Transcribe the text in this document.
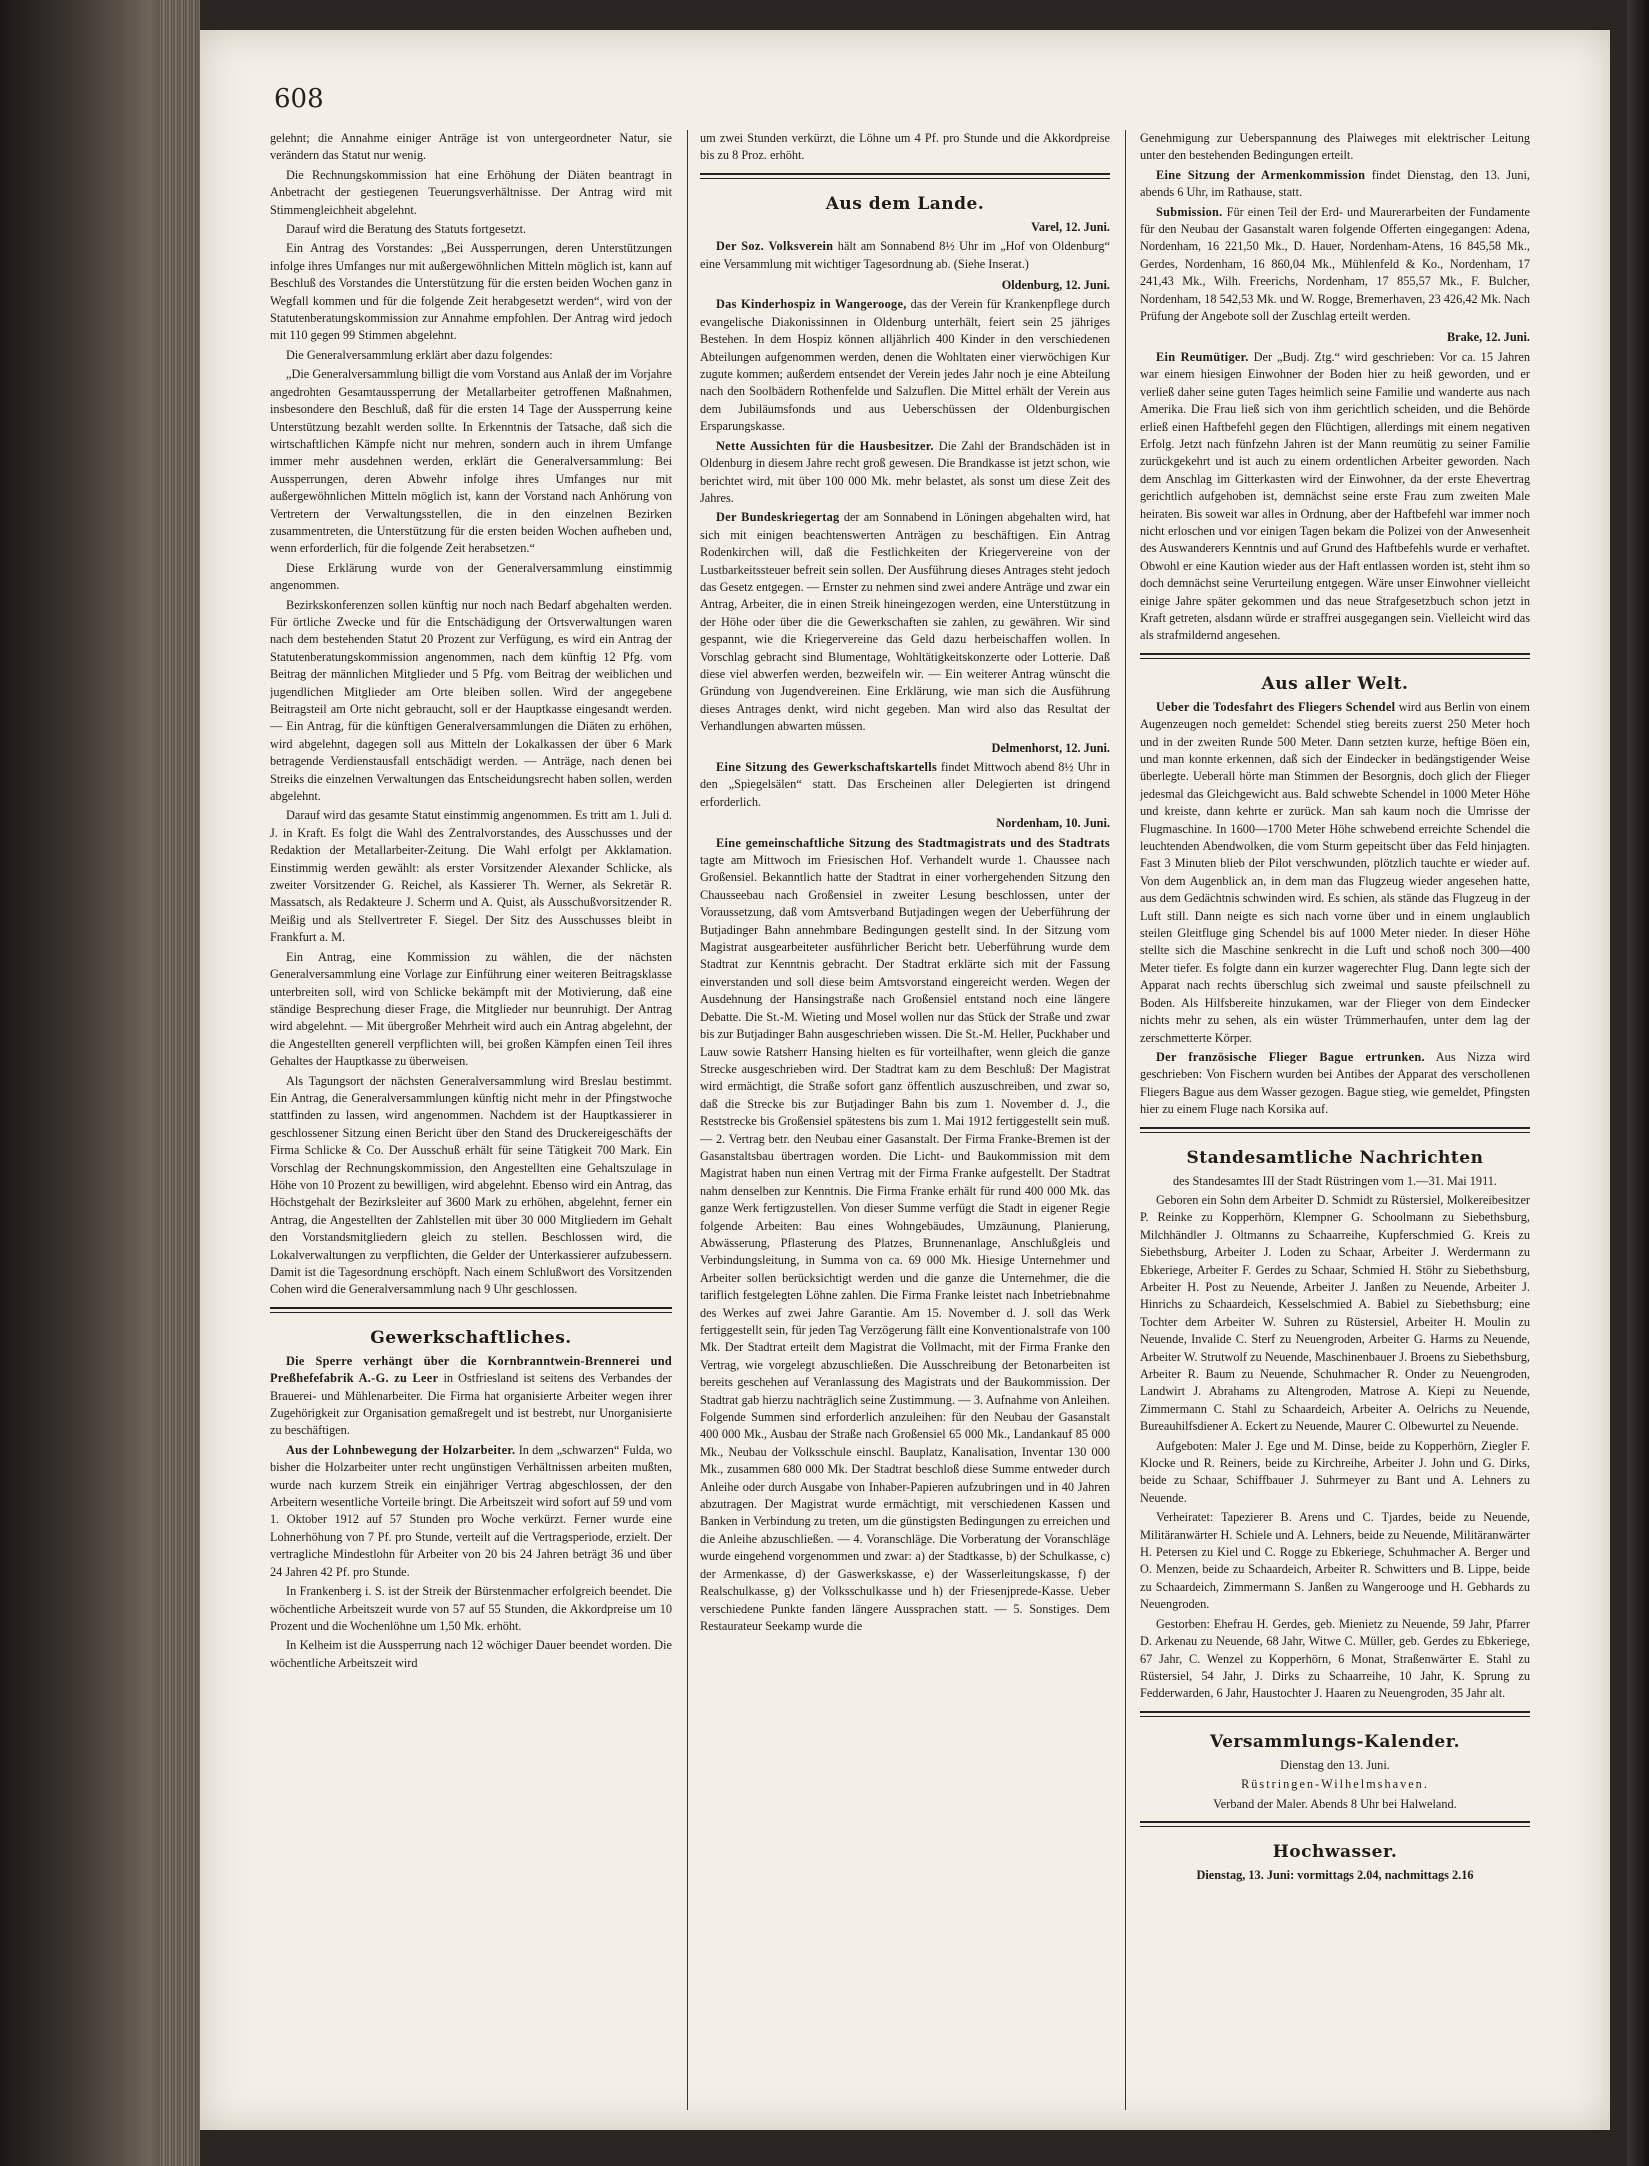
608

gelehnt; die Annahme einiger Anträge ist von untergeordneter Natur, sie verändern das Statut nur wenig.

Die Rechnungskommission hat eine Erhöhung der Diäten beantragt in Anbetracht der gestiegenen Teuerungsverhältnisse. Der Antrag wird mit Stimmengleichheit abgelehnt.

Darauf wird die Beratung des Statuts fortgesetzt.

Ein Antrag des Vorstandes: „Bei Aussperrungen, deren Unterstützungen infolge ihres Umfanges nur mit außergewöhnlichen Mitteln möglich ist, kann auf Beschluß des Vorstandes die Unterstützung für die ersten beiden Wochen ganz in Wegfall kommen und für die folgende Zeit herabgesetzt werden“, wird von der Statutenberatungskommission zur Annahme empfohlen. Der Antrag wird jedoch mit 110 gegen 99 Stimmen abgelehnt.

Die Generalversammlung erklärt aber dazu folgendes:

„Die Generalversammlung billigt die vom Vorstand aus Anlaß der im Vorjahre angedrohten Gesamtaussperrung der Metallarbeiter getroffenen Maßnahmen, insbesondere den Beschluß, daß für die ersten 14 Tage der Aussperrung keine Unterstützung bezahlt werden sollte. In Erkenntnis der Tatsache, daß sich die wirtschaftlichen Kämpfe nicht nur mehren, sondern auch in ihrem Umfange immer mehr ausdehnen werden, erklärt die Generalversammlung: Bei Aussperrungen, deren Abwehr infolge ihres Umfanges nur mit außergewöhnlichen Mitteln möglich ist, kann der Vorstand nach Anhörung von Vertretern der Verwaltungsstellen, die in den einzelnen Bezirken zusammentreten, die Unterstützung für die ersten beiden Wochen aufheben und, wenn erforderlich, für die folgende Zeit herabsetzen.“

Diese Erklärung wurde von der Generalversammlung einstimmig angenommen.

Bezirkskonferenzen sollen künftig nur noch nach Bedarf abgehalten werden. Für örtliche Zwecke und für die Entschädigung der Ortsverwaltungen waren nach dem bestehenden Statut 20 Prozent zur Verfügung, es wird ein Antrag der Statutenberatungskommission angenommen, nach dem künftig 12 Pfg. vom Beitrag der männlichen Mitglieder und 5 Pfg. vom Beitrag der weiblichen und jugendlichen Mitglieder am Orte bleiben sollen. Wird der angegebene Beitragsteil am Orte nicht gebraucht, soll er der Hauptkasse eingesandt werden. — Ein Antrag, für die künftigen Generalversammlungen die Diäten zu erhöhen, wird abgelehnt, dagegen soll aus Mitteln der Lokalkassen der über 6 Mark betragende Verdienstausfall entschädigt werden. — Anträge, nach denen bei Streiks die einzelnen Verwaltungen das Entscheidungsrecht haben sollen, werden abgelehnt.

Darauf wird das gesamte Statut einstimmig angenommen. Es tritt am 1. Juli d. J. in Kraft. Es folgt die Wahl des Zentralvorstandes, des Ausschusses und der Redaktion der Metallarbeiter-Zeitung. Die Wahl erfolgt per Akklamation. Einstimmig werden gewählt: als erster Vorsitzender Alexander Schlicke, als zweiter Vorsitzender G. Reichel, als Kassierer Th. Werner, als Sekretär R. Massatsch, als Redakteure J. Scherm und A. Quist, als Ausschußvorsitzender R. Meißig und als Stellvertreter F. Siegel. Der Sitz des Ausschusses bleibt in Frankfurt a. M.

Ein Antrag, eine Kommission zu wählen, die der nächsten Generalversammlung eine Vorlage zur Einführung einer weiteren Beitragsklasse unterbreiten soll, wird von Schlicke bekämpft mit der Motivierung, daß eine ständige Besprechung dieser Frage, die Mitglieder nur beunruhigt. Der Antrag wird abgelehnt. — Mit übergroßer Mehrheit wird auch ein Antrag abgelehnt, der die Angestellten generell verpflichten will, bei großen Kämpfen einen Teil ihres Gehaltes der Hauptkasse zu überweisen.

Als Tagungsort der nächsten Generalversammlung wird Breslau bestimmt. Ein Antrag, die Generalversammlungen künftig nicht mehr in der Pfingstwoche stattfinden zu lassen, wird angenommen. Nachdem ist der Hauptkassierer in geschlossener Sitzung einen Bericht über den Stand des Druckereigeschäfts der Firma Schlicke & Co. Der Ausschuß erhält für seine Tätigkeit 700 Mark. Ein Vorschlag der Rechnungskommission, den Angestellten eine Gehaltszulage in Höhe von 10 Prozent zu bewilligen, wird abgelehnt. Ebenso wird ein Antrag, das Höchstgehalt der Bezirksleiter auf 3600 Mark zu erhöhen, abgelehnt, ferner ein Antrag, die Angestellten der Zahlstellen mit über 30 000 Mitgliedern im Gehalt den Vorstandsmitgliedern gleich zu stellen. Beschlossen wird, die Lokalverwaltungen zu verpflichten, die Gelder der Unterkassierer aufzubessern. Damit ist die Tagesordnung erschöpft. Nach einem Schlußwort des Vorsitzenden Cohen wird die Generalversammlung nach 9 Uhr geschlossen.

Gewerkschaftliches.

Die Sperre verhängt über die Kornbranntwein-Brennerei und Preßhefefabrik A.-G. zu Leer in Ostfriesland ist seitens des Verbandes der Brauerei- und Mühlenarbeiter. Die Firma hat organisierte Arbeiter wegen ihrer Zugehörigkeit zur Organisation gemaßregelt und ist bestrebt, nur Unorganisierte zu beschäftigen.

Aus der Lohnbewegung der Holzarbeiter. In dem „schwarzen“ Fulda, wo bisher die Holzarbeiter unter recht ungünstigen Verhältnissen arbeiten mußten, wurde nach kurzem Streik ein einjähriger Vertrag abgeschlossen, der den Arbeitern wesentliche Vorteile bringt. Die Arbeitszeit wird sofort auf 59 und vom 1. Oktober 1912 auf 57 Stunden pro Woche verkürzt. Ferner wurde eine Lohnerhöhung von 7 Pf. pro Stunde, verteilt auf die Vertragsperiode, erzielt. Der vertragliche Mindestlohn für Arbeiter von 20 bis 24 Jahren beträgt 36 und über 24 Jahren 42 Pf. pro Stunde.

In Frankenberg i. S. ist der Streik der Bürstenmacher erfolgreich beendet. Die wöchentliche Arbeitszeit wurde von 57 auf 55 Stunden, die Akkordpreise um 10 Prozent und die Wochenlöhne um 1,50 Mk. erhöht.

In Kelheim ist die Aussperrung nach 12 wöchiger Dauer beendet worden. Die wöchentliche Arbeitszeit wird

um zwei Stunden verkürzt, die Löhne um 4 Pf. pro Stunde und die Akkordpreise bis zu 8 Proz. erhöht.

Aus dem Lande.
Varel, 12. Juni.

Der Soz. Volksverein hält am Sonnabend 8½ Uhr im „Hof von Oldenburg“ eine Versammlung mit wichtiger Tagesordnung ab. (Siehe Inserat.)

Oldenburg, 12. Juni.

Das Kinderhospiz in Wangerooge, das der Verein für Krankenpflege durch evangelische Diakonissinnen in Oldenburg unterhält, feiert sein 25 jähriges Bestehen. In dem Hospiz können alljährlich 400 Kinder in den verschiedenen Abteilungen aufgenommen werden, denen die Wohltaten einer vierwöchigen Kur zugute kommen; außerdem entsendet der Verein jedes Jahr noch je eine Abteilung nach den Soolbädern Rothenfelde und Salzuflen. Die Mittel erhält der Verein aus dem Jubiläumsfonds und aus Ueberschüssen der Oldenburgischen Ersparungskasse.

Nette Aussichten für die Hausbesitzer. Die Zahl der Brandschäden ist in Oldenburg in diesem Jahre recht groß gewesen. Die Brandkasse ist jetzt schon, wie berichtet wird, mit über 100 000 Mk. mehr belastet, als sonst um diese Zeit des Jahres.

Der Bundeskriegertag der am Sonnabend in Löningen abgehalten wird, hat sich mit einigen beachtenswerten Anträgen zu beschäftigen. Ein Antrag Rodenkirchen will, daß die Festlichkeiten der Kriegervereine von der Lustbarkeitssteuer befreit sein sollen. Der Ausführung dieses Antrages steht jedoch das Gesetz entgegen. — Ernster zu nehmen sind zwei andere Anträge und zwar ein Antrag, Arbeiter, die in einen Streik hineingezogen werden, eine Unterstützung in der Höhe oder über die die Gewerkschaften sie zahlen, zu gewähren. Wir sind gespannt, wie die Kriegervereine das Geld dazu herbeischaffen wollen. In Vorschlag gebracht sind Blumentage, Wohltätigkeitskonzerte oder Lotterie. Daß diese viel abwerfen werden, bezweifeln wir. — Ein weiterer Antrag wünscht die Gründung von Jugendvereinen. Eine Erklärung, wie man sich die Ausführung dieses Antrages denkt, wird nicht gegeben. Man wird also das Resultat der Verhandlungen abwarten müssen.

Delmenhorst, 12. Juni.

Eine Sitzung des Gewerkschaftskartells findet Mittwoch abend 8½ Uhr in den „Spiegelsälen“ statt. Das Erscheinen aller Delegierten ist dringend erforderlich.

Nordenham, 10. Juni.

Eine gemeinschaftliche Sitzung des Stadtmagistrats und des Stadtrats tagte am Mittwoch im Friesischen Hof. Verhandelt wurde 1. Chaussee nach Großensiel. Bekanntlich hatte der Stadtrat in einer vorhergehenden Sitzung den Chausseebau nach Großensiel in zweiter Lesung beschlossen, unter der Voraussetzung, daß vom Amtsverband Butjadingen wegen der Ueberführung der Butjadinger Bahn annehmbare Bedingungen gestellt sind. In der Sitzung vom Magistrat ausgearbeiteter ausführlicher Bericht betr. Ueberführung wurde dem Stadtrat zur Kenntnis gebracht. Der Stadtrat erklärte sich mit der Fassung einverstanden und soll diese beim Amtsvorstand eingereicht werden. Wegen der Ausdehnung der Hansingstraße nach Großensiel entstand noch eine längere Debatte. Die St.-M. Wieting und Mosel wollen nur das Stück der Straße und zwar bis zur Butjadinger Bahn ausgeschrieben wissen. Die St.-M. Heller, Puckhaber und Lauw sowie Ratsherr Hansing hielten es für vorteilhafter, wenn gleich die ganze Strecke ausgeschrieben wird. Der Stadtrat kam zu dem Beschluß: Der Magistrat wird ermächtigt, die Straße sofort ganz öffentlich auszuschreiben, und zwar so, daß die Strecke bis zur Butjadinger Bahn bis zum 1. November d. J., die Reststrecke bis Großensiel spätestens bis zum 1. Mai 1912 fertiggestellt sein muß. — 2. Vertrag betr. den Neubau einer Gasanstalt. Der Firma Franke-Bremen ist der Gasanstaltsbau übertragen worden. Die Licht- und Baukommission mit dem Magistrat haben nun einen Vertrag mit der Firma Franke aufgestellt. Der Stadtrat nahm denselben zur Kenntnis. Die Firma Franke erhält für rund 400 000 Mk. das ganze Werk fertigzustellen. Von dieser Summe verfügt die Stadt in eigener Regie folgende Arbeiten: Bau eines Wohngebäudes, Umzäunung, Planierung, Abwässerung, Pflasterung des Platzes, Brunnenanlage, Anschlußgleis und Verbindungsleitung, in Summa von ca. 69 000 Mk. Hiesige Unternehmer und Arbeiter sollen berücksichtigt werden und die ganze die Unternehmer, die die tariflich festgelegten Löhne zahlen. Die Firma Franke leistet nach Inbetriebnahme des Werkes auf zwei Jahre Garantie. Am 15. November d. J. soll das Werk fertiggestellt sein, für jeden Tag Verzögerung fällt eine Konventionalstrafe von 100 Mk. Der Stadtrat erteilt dem Magistrat die Vollmacht, mit der Firma Franke den Vertrag, wie vorgelegt abzuschließen. Die Ausschreibung der Betonarbeiten ist bereits geschehen auf Veranlassung des Magistrats und der Baukommission. Der Stadtrat gab hierzu nachträglich seine Zustimmung. — 3. Aufnahme von Anleihen. Folgende Summen sind erforderlich anzuleihen: für den Neubau der Gasanstalt 400 000 Mk., Ausbau der Straße nach Großensiel 65 000 Mk., Landankauf 85 000 Mk., Neubau der Volksschule einschl. Bauplatz, Kanalisation, Inventar 130 000 Mk., zusammen 680 000 Mk. Der Stadtrat beschloß diese Summe entweder durch Anleihe oder durch Ausgabe von Inhaber-Papieren aufzubringen und in 40 Jahren abzutragen. Der Magistrat wurde ermächtigt, mit verschiedenen Kassen und Banken in Verbindung zu treten, um die günstigsten Bedingungen zu erreichen und die Anleihe abzuschließen. — 4. Voranschläge. Die Vorberatung der Voranschläge wurde eingehend vorgenommen und zwar: a) der Stadtkasse, b) der Schulkasse, c) der Armenkasse, d) der Gaswerkskasse, e) der Wasserleitungskasse, f) der Realschulkasse, g) der Volksschulkasse und h) der Friesenjprede-Kasse. Ueber verschiedene Punkte fanden längere Aussprachen statt. — 5. Sonstiges. Dem Restaurateur Seekamp wurde die

Genehmigung zur Ueberspannung des Plaiweges mit elektrischer Leitung unter den bestehenden Bedingungen erteilt.

Eine Sitzung der Armenkommission findet Dienstag, den 13. Juni, abends 6 Uhr, im Rathause, statt.

Submission. Für einen Teil der Erd- und Maurerarbeiten der Fundamente für den Neubau der Gasanstalt waren folgende Offerten eingegangen: Adena, Nordenham, 16 221,50 Mk., D. Hauer, Nordenham-Atens, 16 845,58 Mk., Gerdes, Nordenham, 16 860,04 Mk., Mühlenfeld & Ko., Nordenham, 17 241,43 Mk., Wilh. Freerichs, Nordenham, 17 855,57 Mk., F. Bulcher, Nordenham, 18 542,53 Mk. und W. Rogge, Bremerhaven, 23 426,42 Mk. Nach Prüfung der Angebote soll der Zuschlag erteilt werden.

Brake, 12. Juni.

Ein Reumütiger. Der „Budj. Ztg.“ wird geschrieben: Vor ca. 15 Jahren war einem hiesigen Einwohner der Boden hier zu heiß geworden, und er verließ daher seine guten Tages heimlich seine Familie und wanderte aus nach Amerika. Die Frau ließ sich von ihm gerichtlich scheiden, und die Behörde erließ einen Haftbefehl gegen den Flüchtigen, allerdings mit einem negativen Erfolg. Jetzt nach fünfzehn Jahren ist der Mann reumütig zu seiner Familie zurückgekehrt und ist auch zu einem ordentlichen Arbeiter geworden. Nach dem Anschlag im Gitterkasten wird der Einwohner, da der erste Ehevertrag gerichtlich aufgehoben ist, demnächst seine erste Frau zum zweiten Male heiraten. Bis soweit war alles in Ordnung, aber der Haftbefehl war immer noch nicht erloschen und vor einigen Tagen bekam die Polizei von der Anwesenheit des Auswanderers Kenntnis und auf Grund des Haftbefehls wurde er verhaftet. Obwohl er eine Kaution wieder aus der Haft entlassen worden ist, steht ihm so doch demnächst seine Verurteilung entgegen. Wäre unser Einwohner vielleicht einige Jahre später gekommen und das neue Strafgesetzbuch schon jetzt in Kraft getreten, alsdann würde er straffrei ausgegangen sein. Vielleicht wird das als strafmildernd angesehen.

Aus aller Welt.

Ueber die Todesfahrt des Fliegers Schendel wird aus Berlin von einem Augenzeugen noch gemeldet: Schendel stieg bereits zuerst 250 Meter hoch und in der zweiten Runde 500 Meter. Dann setzten kurze, heftige Böen ein, und man konnte erkennen, daß sich der Eindecker in bedängstigender Weise überlegte. Ueberall hörte man Stimmen der Besorgnis, doch glich der Flieger jedesmal das Gleichgewicht aus. Bald schwebte Schendel in 1000 Meter Höhe und kreiste, dann kehrte er zurück. Man sah kaum noch die Umrisse der Flugmaschine. In 1600—1700 Meter Höhe schwebend erreichte Schendel die leuchtenden Abendwolken, die vom Sturm gepeitscht über das Feld hinjagten. Fast 3 Minuten blieb der Pilot verschwunden, plötzlich tauchte er wieder auf. Von dem Augenblick an, in dem man das Flugzeug wieder angesehen hatte, aus dem Gedächtnis schwinden wird. Es schien, als stände das Flugzeug in der Luft still. Dann neigte es sich nach vorne über und in einem unglaublich steilen Gleitfluge ging Schendel bis auf 1000 Meter nieder. In dieser Höhe stellte sich die Maschine senkrecht in die Luft und schoß noch 300—400 Meter tiefer. Es folgte dann ein kurzer wagerechter Flug. Dann legte sich der Apparat nach rechts überschlug sich zweimal und sauste pfeilschnell zu Boden. Als Hilfsbereite hinzukamen, war der Flieger von dem Eindecker nichts mehr zu sehen, als ein wüster Trümmerhaufen, unter dem lag der zerschmetterte Körper.

Der französische Flieger Bague ertrunken. Aus Nizza wird geschrieben: Von Fischern wurden bei Antibes der Apparat des verschollenen Fliegers Bague aus dem Wasser gezogen. Bague stieg, wie gemeldet, Pfingsten hier zu einem Fluge nach Korsika auf.

Standesamtliche Nachrichten
des Standesamtes III der Stadt Rüstringen vom 1.—31. Mai 1911.

Geboren ein Sohn dem Arbeiter D. Schmidt zu Rüstersiel, Molkereibesitzer P. Reinke zu Kopperhörn, Klempner G. Schoolmann zu Siebethsburg, Milchhändler J. Oltmanns zu Schaarreihe, Kupferschmied G. Kreis zu Siebethsburg, Arbeiter J. Loden zu Schaar, Arbeiter J. Werdermann zu Ebkeriege, Arbeiter F. Gerdes zu Schaar, Schmied H. Stöhr zu Siebethsburg, Arbeiter H. Post zu Neuende, Arbeiter J. Janßen zu Neuende, Arbeiter J. Hinrichs zu Schaardeich, Kesselschmied A. Babiel zu Siebethsburg; eine Tochter dem Arbeiter W. Suhren zu Rüstersiel, Arbeiter H. Moulin zu Neuende, Invalide C. Sterf zu Neuengroden, Arbeiter G. Harms zu Neuende, Arbeiter W. Strutwolf zu Neuende, Maschinenbauer J. Broens zu Siebethsburg, Arbeiter R. Baum zu Neuende, Schuhmacher R. Onder zu Neuengroden, Landwirt J. Abrahams zu Altengroden, Matrose A. Kiepi zu Neuende, Zimmermann C. Stahl zu Schaardeich, Arbeiter A. Oelrichs zu Neuende, Bureauhilfsdiener A. Eckert zu Neuende, Maurer C. Olbewurtel zu Neuende.

Aufgeboten: Maler J. Ege und M. Dinse, beide zu Kopperhörn, Ziegler F. Klocke und R. Reiners, beide zu Kirchreihe, Arbeiter J. John und G. Dirks, beide zu Schaar, Schiffbauer J. Suhrmeyer zu Bant und A. Lehners zu Neuende.

Verheiratet: Tapezierer B. Arens und C. Tjardes, beide zu Neuende, Militäranwärter H. Schiele und A. Lehners, beide zu Neuende, Militäranwärter H. Petersen zu Kiel und C. Rogge zu Ebkeriege, Schuhmacher A. Berger und O. Menzen, beide zu Schaardeich, Arbeiter R. Schwitters und B. Lippe, beide zu Schaardeich, Zimmermann S. Janßen zu Wangerooge und H. Gebhards zu Neuengroden.

Gestorben: Ehefrau H. Gerdes, geb. Mienietz zu Neuende, 59 Jahr, Pfarrer D. Arkenau zu Neuende, 68 Jahr, Witwe C. Müller, geb. Gerdes zu Ebkeriege, 67 Jahr, C. Wenzel zu Kopperhörn, 6 Monat, Straßenwärter E. Stahl zu Rüstersiel, 54 Jahr, J. Dirks zu Schaarreihe, 10 Jahr, K. Sprung zu Fedderwarden, 6 Jahr, Haustochter J. Haaren zu Neuengroden, 35 Jahr alt.

Versammlungs-Kalender.
Dienstag den 13. Juni.
Rüstringen-Wilhelmshaven.
Verband der Maler. Abends 8 Uhr bei Halweland.
Hochwasser.
Dienstag, 13. Juni: vormittags 2.04, nachmittags 2.16
